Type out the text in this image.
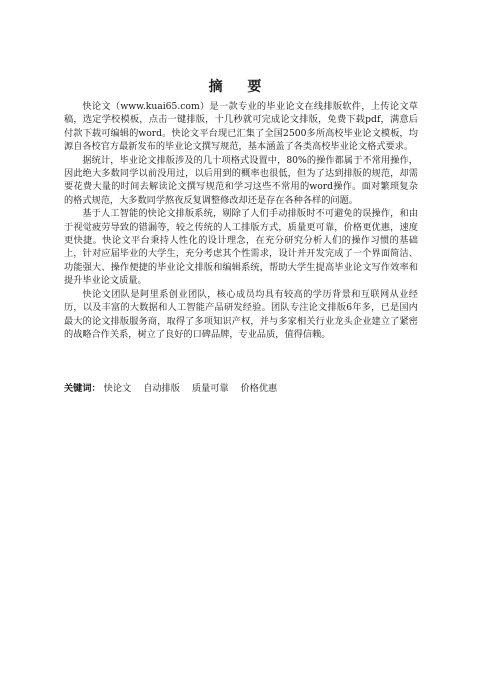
摘 要

快论文（www.kuai65.com）是一款专业的毕业论文在线排版软件，上传论文草稿，选定学校模板，点击一键排版，十几秒就可完成论文排版，免费下载pdf，满意后付款下载可编辑的word。快论文平台现已汇集了全国2500多所高校毕业论文模板，均源自各校官方最新发布的毕业论文撰写规范，基本涵盖了各类高校毕业论文格式要求。

据统计，毕业论文排版涉及的几十项格式设置中，80%的操作都属于不常用操作，因此绝大多数同学以前没用过，以后用到的概率也很低，但为了达到排版的规范，却需要花费大量的时间去解读论文撰写规范和学习这些不常用的word操作。面对繁琐复杂的格式规范，大多数同学熬夜反复调整修改却还是存在各种各样的问题。

基于人工智能的快论文排版系统，剔除了人们手动排版时不可避免的误操作，和由于视觉疲劳导致的错漏等，较之传统的人工排版方式，质量更可靠，价格更优惠，速度更快捷。快论文平台秉持人性化的设计理念，在充分研究分析人们的操作习惯的基础上，针对应届毕业的大学生，充分考虑其个性需求，设计并开发完成了一个界面简洁、功能强大、操作便捷的毕业论文排版和编辑系统，帮助大学生提高毕业论文写作效率和提升毕业论文质量。

快论文团队是阿里系创业团队，核心成员均具有较高的学历背景和互联网从业经历，以及丰富的大数据和人工智能产品研发经验。团队专注论文排版6年多，已是国内最大的论文排版服务商，取得了多项知识产权，并与多家相关行业龙头企业建立了紧密的战略合作关系，树立了良好的口碑品牌，专业品质，值得信赖。

关键词： 快论文 自动排版 质量可靠 价格优惠
